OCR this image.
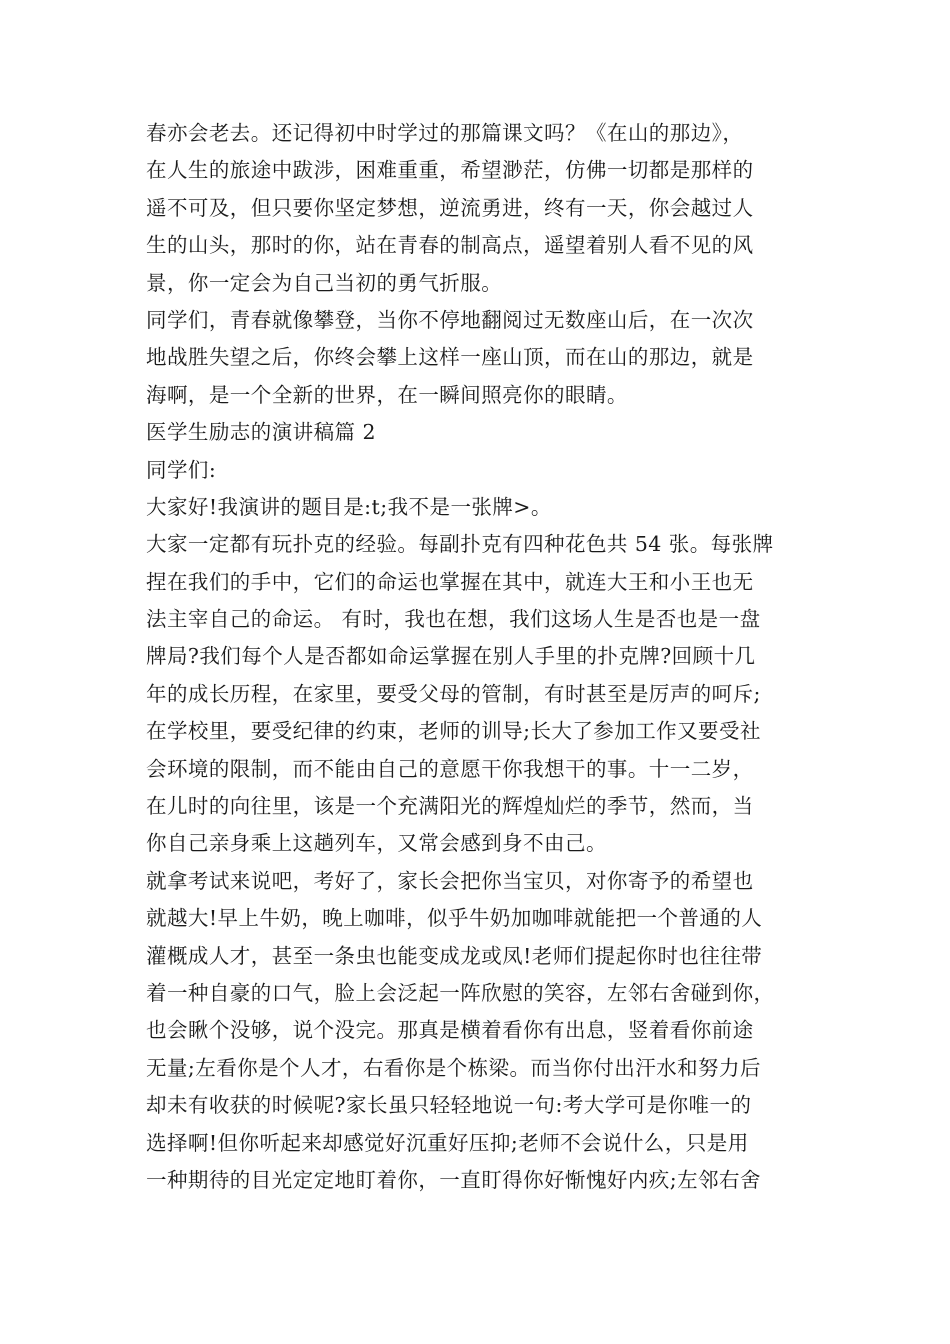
春亦会老去。还记得初中时学过的那篇课文吗？《在山的那边》，
在人生的旅途中跋涉，困难重重，希望渺茫，仿佛一切都是那样的
遥不可及，但只要你坚定梦想，逆流勇进，终有一天，你会越过人
生的山头，那时的你，站在青春的制高点，遥望着别人看不见的风
景，你一定会为自己当初的勇气折服。
同学们，青春就像攀登，当你不停地翻阅过无数座山后，在一次次
地战胜失望之后，你终会攀上这样一座山顶，而在山的那边，就是
海啊，是一个全新的世界，在一瞬间照亮你的眼睛。
医学生励志的演讲稿篇 2
同学们:
大家好!我演讲的题目是:t;我不是一张牌>。
大家一定都有玩扑克的经验。每副扑克有四种花色共 54 张。每张牌
捏在我们的手中，它们的命运也掌握在其中，就连大王和小王也无
法主宰自己的命运。 有时，我也在想，我们这场人生是否也是一盘
牌局?我们每个人是否都如命运掌握在别人手里的扑克牌?回顾十几
年的成长历程，在家里，要受父母的管制，有时甚至是厉声的呵斥;
在学校里，要受纪律的约束，老师的训导;长大了参加工作又要受社
会环境的限制，而不能由自己的意愿干你我想干的事。十一二岁，
在儿时的向往里，该是一个充满阳光的辉煌灿烂的季节，然而，当
你自己亲身乘上这趟列车，又常会感到身不由己。
就拿考试来说吧，考好了，家长会把你当宝贝，对你寄予的希望也
就越大!早上牛奶，晚上咖啡，似乎牛奶加咖啡就能把一个普通的人
灌概成人才，甚至一条虫也能变成龙或凤!老师们提起你时也往往带
着一种自豪的口气，脸上会泛起一阵欣慰的笑容，左邻右舍碰到你，
也会瞅个没够，说个没完。那真是横着看你有出息，竖着看你前途
无量;左看你是个人才，右看你是个栋梁。而当你付出汗水和努力后
却未有收获的时候呢?家长虽只轻轻地说一句:考大学可是你唯一的
选择啊!但你听起来却感觉好沉重好压抑;老师不会说什么，只是用
一种期待的目光定定地盯着你，一直盯得你好惭愧好内疚;左邻右舍
